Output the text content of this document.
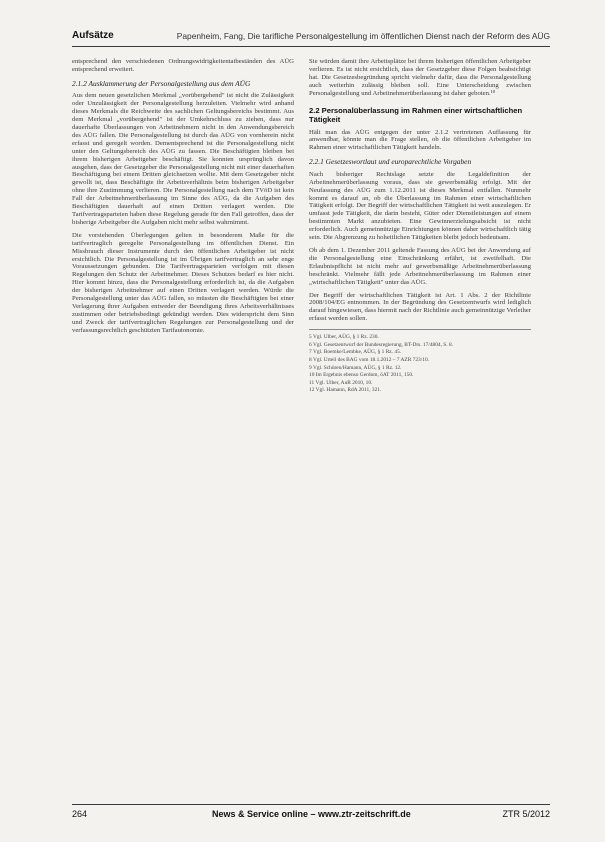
Aufsätze	Papenheim, Fang, Die tarifliche Personalgestellung im öffentlichen Dienst nach der Reform des AÜG

entsprechend den verschiedenen Ordnungswidrigkeitentatbeständen des AÜG entsprechend erweitert.

2.1.2 Ausklammerung der Personalgestellung aus dem AÜG

Aus dem neuen gesetzlichen Merkmal „vorübergehend" ist nicht die Zulässigkeit oder Unzulässigkeit der Personalgestellung herzuleiten. Vielmehr wird anhand dieses Merkmals die Reichweite des sachlichen Geltungsbereichs bestimmt. Aus dem Merkmal „vorübergehend" ist der Umkehrschluss zu ziehen, dass nur dauerhafte Überlassungen von Arbeitnehmern nicht in den Anwendungsbereich des AÜG fallen. Die Personalgestellung ist durch das AÜG von vornherein nicht erfasst und geregelt worden. Dementsprechend ist die Personalgestellung nicht unter den Geltungsbereich des AÜG zu fassen. Die Beschäftigten bleiben bei ihrem bisherigen Arbeitgeber beschäftigt. Sie konnten ursprünglich davon ausgehen, dass der Gesetzgeber die Personalgestellung nicht mit einer dauerhaften Beschäftigung bei einem Dritten gleichsetzen wollte. Mit dem Gesetzgeber nicht gewollt ist, dass Beschäftigte ihr Arbeitsverhältnis beim bisherigen Arbeitgeber ohne ihre Zustimmung verlieren. Die Personalgestellung nach dem TVöD ist kein Fall der Arbeitnehmerüberlassung im Sinne des AÜG, da die Aufgaben des Beschäftigten dauerhaft auf einen Dritten verlagert werden. Die Tarifvertragsparteien haben diese Regelung gerade für den Fall getroffen, dass der bisherige Arbeitgeber die Aufgaben nicht mehr selbst wahrnimmt.

Die vorstehenden Überlegungen gelten in besonderem Maße für die tarifvertraglich geregelte Personalgestellung im öffentlichen Dienst. Ein Missbrauch dieser Instrumente durch den öffentlichen Arbeitgeber ist nicht ersichtlich. Die Personalgestellung ist im Übrigen tarifvertraglich an sehr enge Voraussetzungen gebunden. Die Tarifvertragsparteien verfolgen mit diesen Regelungen den Schutz der Arbeitnehmer. Dieses Schutzes bedarf es hier nicht. Hier kommt hinzu, dass die Personalgestellung erforderlich ist, da die Aufgaben der bisherigen Arbeitnehmer auf einen Dritten verlagert werden. Würde die Personalgestellung unter das AÜG fallen, so müssten die Beschäftigten bei einer Verlagerung ihrer Aufgaben entweder der Beendigung ihres Arbeitsverhältnisses zustimmen oder betriebsbedingt gekündigt werden. Dies widerspricht dem Sinn und Zweck der tarifvertraglichen Regelungen zur Personalgestellung und der verfassungsrechtlich geschützten Tarifautonomie.

Sie würden damit ihre Arbeitsplätze bei ihrem bisherigen öffentlichen Arbeitgeber verlieren. Es ist nicht ersichtlich, dass der Gesetzgeber diese Folgen beabsichtigt hat. Die Gesetzesbegründung spricht vielmehr dafür, dass die Personalgestellung auch weiterhin zulässig bleiben soll. Eine Unterscheidung zwischen Personalgestellung und Arbeitnehmerüberlassung ist daher geboten.¹⁰

2.2 Personalüberlassung im Rahmen einer wirtschaftlichen Tätigkeit

Hält man das AÜG entgegen der unter 2.1.2 vertretenen Auffassung für anwendbar, könnte man die Frage stellen, ob die öffentlichen Arbeitgeber im Rahmen einer wirtschaftlichen Tätigkeit handeln.

2.2.1 Gesetzeswortlaut und europarechtliche Vorgaben

Nach bisheriger Rechtslage setzte die Legaldefinition der Arbeitnehmerüberlassung voraus, dass sie gewerbsmäßig erfolgt. Mit der Neufassung des AÜG zum 1.12.2011 ist dieses Merkmal entfallen. Nunmehr kommt es darauf an, ob die Überlassung im Rahmen einer wirtschaftlichen Tätigkeit erfolgt. Der Begriff der wirtschaftlichen Tätigkeit ist weit auszulegen. Er umfasst jede Tätigkeit, die darin besteht, Güter oder Dienstleistungen auf einem bestimmten Markt anzubieten. Eine Gewinnerzielungsabsicht ist nicht erforderlich. Auch gemeinnützige Einrichtungen können daher wirtschaftlich tätig sein. Die Abgrenzung zu hoheitlichen Tätigkeiten bleibt jedoch bedeutsam.

Ob ab dem 1. Dezember 2011 geltende Fassung des AÜG bei der Anwendung auf die Personalgestellung eine Einschränkung erfährt, ist zweifelhaft. Die Erlaubnispflicht ist nicht mehr auf gewerbsmäßige Arbeitnehmerüberlassung beschränkt. Vielmehr fällt jede Arbeitnehmerüberlassung im Rahmen einer „wirtschaftlichen Tätigkeit" unter das AÜG.

Der Begriff der wirtschaftlichen Tätigkeit ist Art. 1 Abs. 2 der Richtlinie 2008/104/EG entnommen. In der Begründung des Gesetzentwurfs wird lediglich darauf hingewiesen, dass hiermit nach der Richtlinie auch gemeinnützige Verleiher erfasst werden sollen.

5 Vgl. Ulber, AÜG, § 1 Rz. 230.
6 Vgl. Gesetzentwurf der Bundesregierung, BT-Drs. 17/4804, S. 8.
7 Vgl. Boemke/Lembke, AÜG, § 1 Rz. 45.
8 Vgl. Urteil des BAG vom 18.1.2012 – 7 AZR 723/10.
9 Vgl. Schüren/Hamann, AÜG, § 1 Rz. 12.
10 Im Ergebnis ebenso Gerdom, öAT 2011, 150.
11 Vgl. Ulber, AuR 2010, 10.
12 Vgl. Hamann, RdA 2011, 321.
264	News & Service online – www.ztr-zeitschrift.de	ZTR 5/2012
